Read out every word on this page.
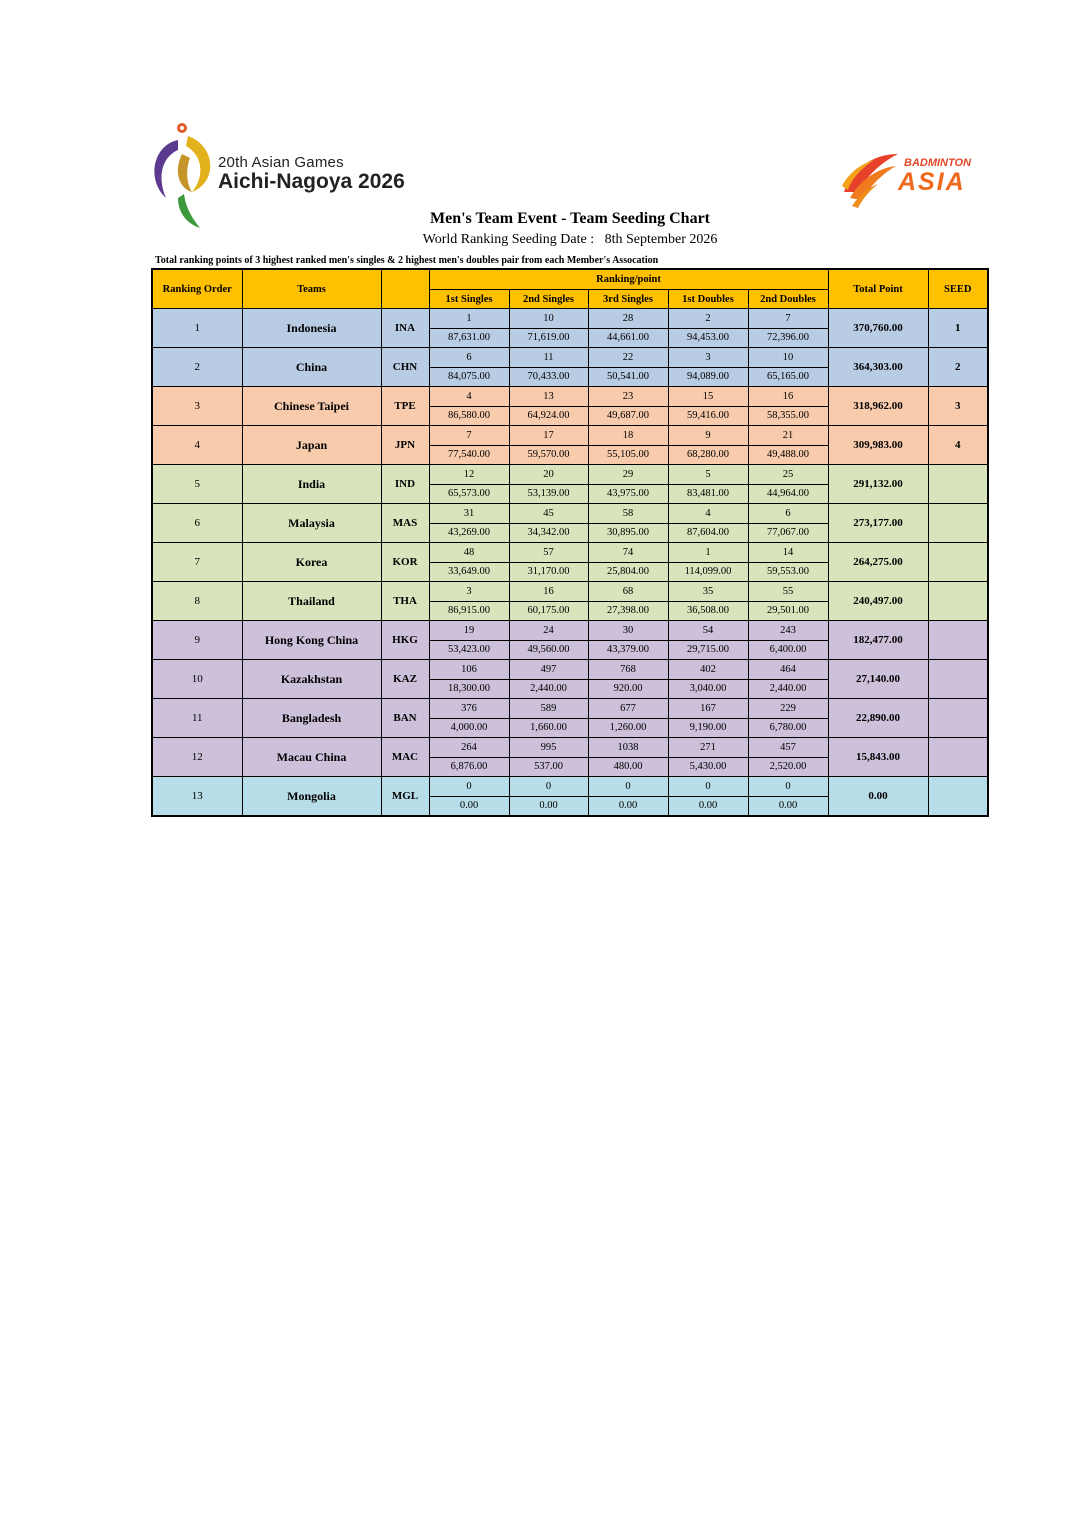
20th Asian Games
Aichi-Nagoya 2026
BADMINTON
ASIA
Men's Team Event - Team Seeding Chart
World Ranking Seeding Date : 8th September 2026
Total ranking points of 3 highest ranked men's singles & 2 highest men's doubles pair from each Member's Assocation
Ranking Order	Teams		Ranking/point					Total Point	SEED
			1st Singles	2nd Singles	3rd Singles	1st Doubles	2nd Doubles		
1	Indonesia	INA	1	10	28	2	7	370,760.00	1
			87,631.00	71,619.00	44,661.00	94,453.00	72,396.00		
2	China	CHN	6	11	22	3	10	364,303.00	2
			84,075.00	70,433.00	50,541.00	94,089.00	65,165.00		
3	Chinese Taipei	TPE	4	13	23	15	16	318,962.00	3
			86,580.00	64,924.00	49,687.00	59,416.00	58,355.00		
4	Japan	JPN	7	17	18	9	21	309,983.00	4
			77,540.00	59,570.00	55,105.00	68,280.00	49,488.00		
5	India	IND	12	20	29	5	25	291,132.00	
			65,573.00	53,139.00	43,975.00	83,481.00	44,964.00		
6	Malaysia	MAS	31	45	58	4	6	273,177.00	
			43,269.00	34,342.00	30,895.00	87,604.00	77,067.00		
7	Korea	KOR	48	57	74	1	14	264,275.00	
			33,649.00	31,170.00	25,804.00	114,099.00	59,553.00		
8	Thailand	THA	3	16	68	35	55	240,497.00	
			86,915.00	60,175.00	27,398.00	36,508.00	29,501.00		
9	Hong Kong China	HKG	19	24	30	54	243	182,477.00	
			53,423.00	49,560.00	43,379.00	29,715.00	6,400.00		
10	Kazakhstan	KAZ	106	497	768	402	464	27,140.00	
			18,300.00	2,440.00	920.00	3,040.00	2,440.00		
11	Bangladesh	BAN	376	589	677	167	229	22,890.00	
			4,000.00	1,660.00	1,260.00	9,190.00	6,780.00		
12	Macau China	MAC	264	995	1038	271	457	15,843.00	
			6,876.00	537.00	480.00	5,430.00	2,520.00		
13	Mongolia	MGL	0	0	0	0	0	0.00	
			0.00	0.00	0.00	0.00	0.00		
